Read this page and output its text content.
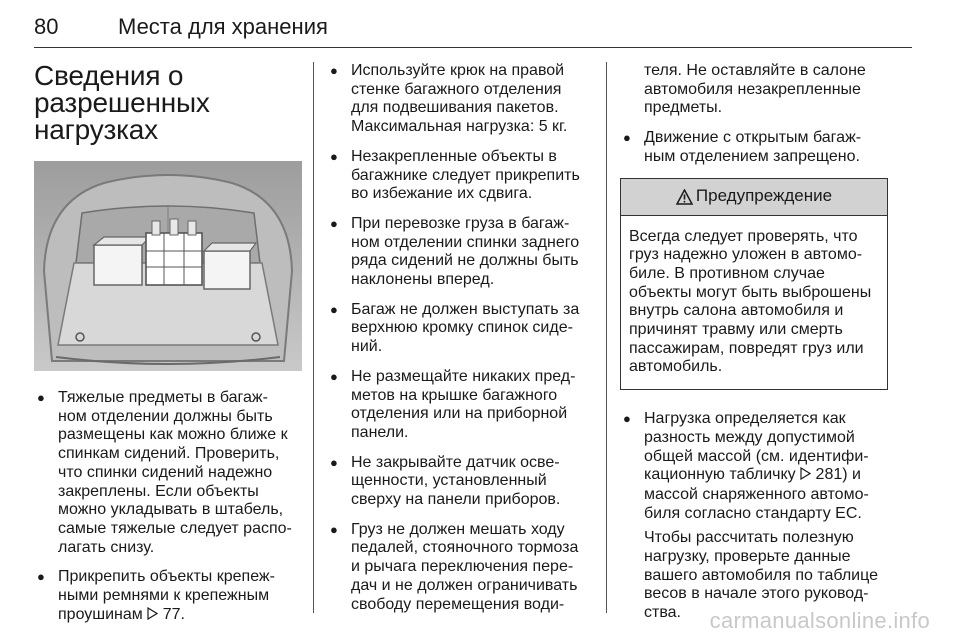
80	Места для хранения
Сведения о
разрешенных
нагрузках
● Тяжелые предметы в багаж-
ном отделении должны быть
размещены как можно ближе к
спинкам сидений. Проверить,
что спинки сидений надежно
закреплены. Если объекты
можно укладывать в штабель,
самые тяжелые следует распо-
лагать снизу.
● Прикрепить объекты крепеж-
ными ремнями к крепежным
проушинам  77.
● Используйте крюк на правой
стенке багажного отделения
для подвешивания пакетов.
Максимальная нагрузка: 5 кг.
● Незакрепленные объекты в
багажнике следует прикрепить
во избежание их сдвига.
● При перевозке груза в багаж-
ном отделении спинки заднего
ряда сидений не должны быть
наклонены вперед.
● Багаж не должен выступать за
верхнюю кромку спинок сиде-
ний.
● Не размещайте никаких пред-
метов на крышке багажного
отделения или на приборной
панели.
● Не закрывайте датчик осве-
щенности, установленный
сверху на панели приборов.
● Груз не должен мешать ходу
педалей, стояночного тормоза
и рычага переключения пере-
дач и не должен ограничивать
свободу перемещения води-
теля. Не оставляйте в салоне
автомобиля незакрепленные
предметы.
● Движение с открытым багаж-
ным отделением запрещено.
Предупреждение
Всегда следует проверять, что
груз надежно уложен в автомо-
биле. В противном случае
объекты могут быть выброшены
внутрь салона автомобиля и
причинят травму или смерть
пассажирам, повредят груз или
автомобиль.
● Нагрузка определяется как
разность между допустимой
общей массой (см. идентифи-
кационную табличку  281) и
массой снаряженного автомо-
биля согласно стандарту ЕС.
Чтобы рассчитать полезную
нагрузку, проверьте данные
вашего автомобиля по таблице
весов в начале этого руковод-
ства.	carmanualsonline.info
